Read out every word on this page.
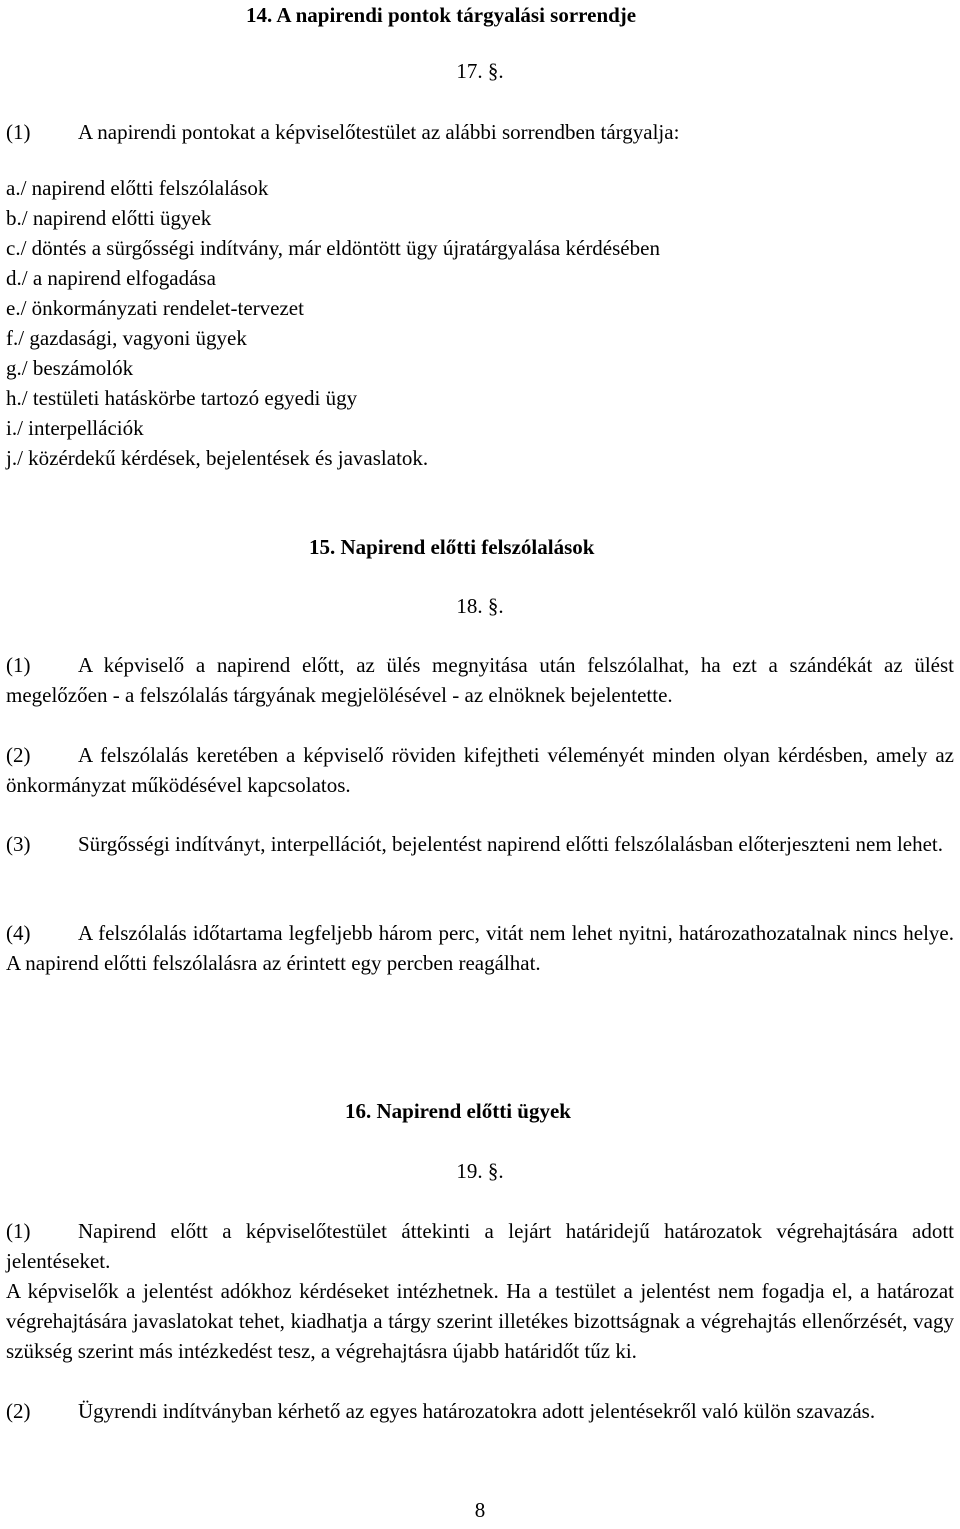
14. A napirendi pontok tárgyalási sorrendje
17. §.
(1) A napirendi pontokat a képviselőtestület az alábbi sorrendben tárgyalja:
a./ napirend előtti felszólalások
b./ napirend előtti ügyek
c./ döntés a sürgősségi indítvány, már eldöntött ügy újratárgyalása kérdésében
d./ a napirend elfogadása
e./ önkormányzati rendelet-tervezet
f./ gazdasági, vagyoni ügyek
g./ beszámolók
h./ testületi hatáskörbe tartozó egyedi ügy
i./ interpellációk
j./ közérdekű kérdések, bejelentések és javaslatok.
15. Napirend előtti felszólalások
18. §.
(1) A képviselő a napirend előtt, az ülés megnyitása után felszólalhat, ha ezt a szándékát az ülést megelőzően - a felszólalás tárgyának megjelölésével - az elnöknek bejelentette.
(2) A felszólalás keretében a képviselő röviden kifejtheti véleményét minden olyan kérdésben, amely az önkormányzat működésével kapcsolatos.
(3) Sürgősségi indítványt, interpellációt, bejelentést napirend előtti felszólalásban előterjeszteni nem lehet.
(4) A felszólalás időtartama legfeljebb három perc, vitát nem lehet nyitni, határozathozatalnak nincs helye. A napirend előtti felszólalásra az érintett egy percben reagálhat.
16. Napirend előtti ügyek
19. §.
(1) Napirend előtt a képviselőtestület áttekinti a lejárt határidejű határozatok végrehajtására adott jelentéseket.
A képviselők a jelentést adókhoz kérdéseket intézhetnek. Ha a testület a jelentést nem fogadja el, a határozat végrehajtására javaslatokat tehet, kiadhatja a tárgy szerint illetékes bizottságnak a végrehajtás ellenőrzését, vagy szükség szerint más intézkedést tesz, a végrehajtásra újabb határidőt tűz ki.
(2) Ügyrendi indítványban kérhető az egyes határozatokra adott jelentésekről való külön szavazás.
8
